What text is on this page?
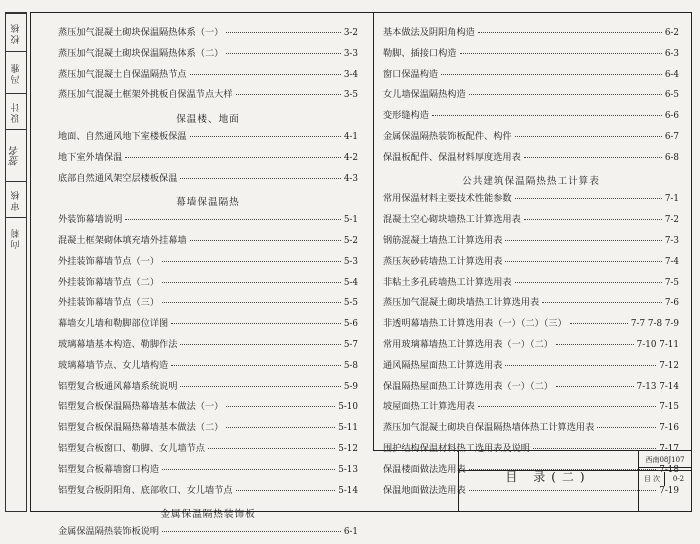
校核
冯雅
设计
签名
审核
向莉
蒸压加气混凝土砌块保温隔热体系（一）	3-2
蒸压加气混凝土砌块保温隔热体系（二）	3-3
蒸压加气混凝土自保温隔热节点	3-4
蒸压加气混凝土框架外挑板自保温节点大样	3-5
保温楼、地面
地面、自然通风地下室楼板保温	4-1
地下室外墙保温	4-2
底部自然通风架空层楼板保温	4-3
幕墙保温隔热
外装饰幕墙说明	5-1
混凝土框架砌体填充墙外挂幕墙	5-2
外挂装饰幕墙节点（一）	5-3
外挂装饰幕墙节点（二）	5-4
外挂装饰幕墙节点（三）	5-5
幕墙女儿墙和勒脚部位详图	5-6
玻璃幕墙基本构造、勒脚作法	5-7
玻璃幕墙节点、女儿墙构造	5-8
铝塑复合板通风幕墙系统说明	5-9
铝塑复合板保温隔热幕墙基本做法（一）	5-10
铝塑复合板保温隔热幕墙基本做法（二）	5-11
铝塑复合板窗口、勒脚、女儿墙节点	5-12
铝塑复合板幕墙窗口构造	5-13
铝塑复合板阴阳角、底部收口、女儿墙节点	5-14
金属保温隔热装饰板
金属保温隔热装饰板说明	6-1
基本做法及阴阳角构造	6-2
勒脚、插接口构造	6-3
窗口保温构造	6-4
女儿墙保温隔热构造	6-5
变形缝构造	6-6
金属保温隔热装饰板配件、构件	6-7
保温板配件、保温材料厚度选用表	6-8
公共建筑保温隔热热工计算表
常用保温材料主要技术性能参数	7-1
混凝土空心砌块墙热工计算选用表	7-2
钢筋混凝土墙热工计算选用表	7-3
蒸压灰砂砖墙热工计算选用表	7-4
非粘土多孔砖墙热工计算选用表	7-5
蒸压加气混凝土砌块墙热工计算选用表	7-6
非透明幕墙热工计算选用表（一）（二）（三）	7-7 7-8 7-9
常用玻璃幕墙热工计算选用表（一）（二）	7-10 7-11
通风隔热屋面热工计算选用表	7-12
保温隔热屋面热工计算选用表（一）（二）	7-13 7-14
坡屋面热工计算选用表	7-15
蒸压加气混凝土砌块自保温隔热墙体热工计算选用表	7-16
围护结构保温材料热工选用表及说明	7-17
保温楼面做法选用表	7-18
保温地面做法选用表	7-19
目 录(二)
西南08J107
目 次	0-2
